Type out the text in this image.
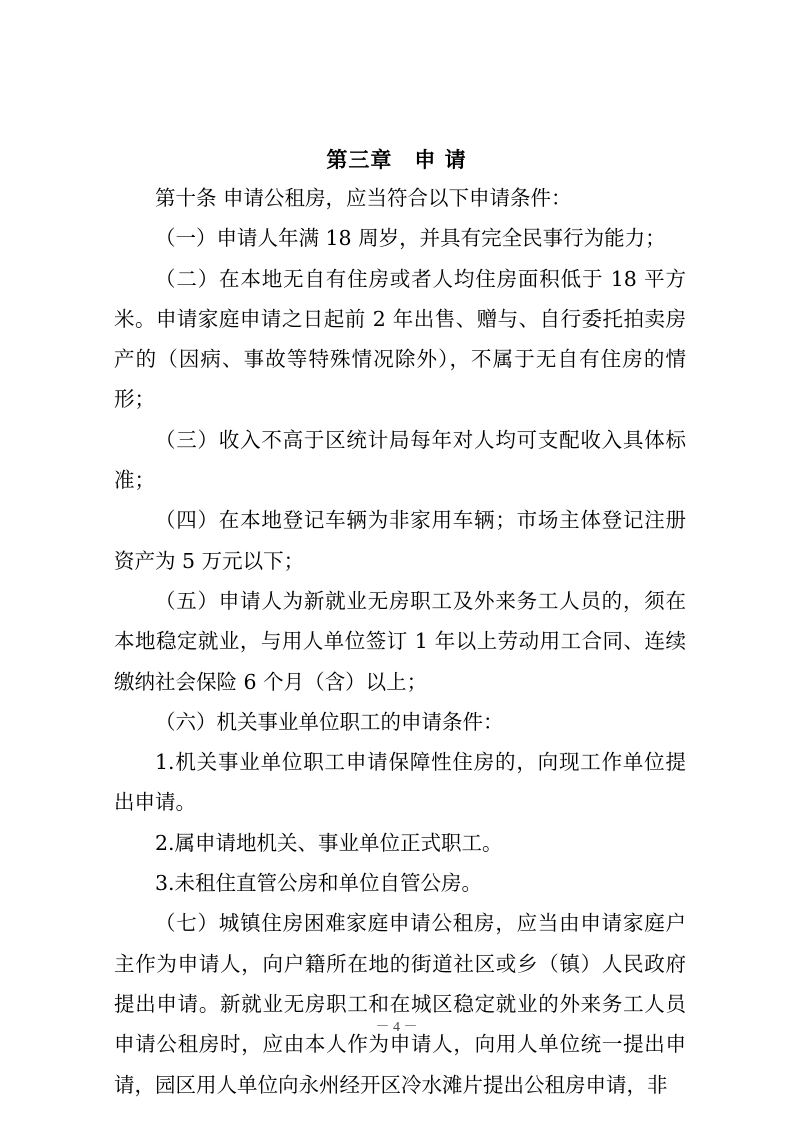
第三章　申 请

第十条 申请公租房，应当符合以下申请条件：

（一）申请人年满 18 周岁，并具有完全民事行为能力；

（二）在本地无自有住房或者人均住房面积低于 18 平方米。申请家庭申请之日起前 2 年出售、赠与、自行委托拍卖房产的（因病、事故等特殊情况除外），不属于无自有住房的情形；

（三）收入不高于区统计局每年对人均可支配收入具体标准；

（四）在本地登记车辆为非家用车辆；市场主体登记注册资产为 5 万元以下；

（五）申请人为新就业无房职工及外来务工人员的，须在本地稳定就业，与用人单位签订 1 年以上劳动用工合同、连续缴纳社会保险 6 个月（含）以上；

（六）机关事业单位职工的申请条件：

1.机关事业单位职工申请保障性住房的，向现工作单位提出申请。

2.属申请地机关、事业单位正式职工。

3.未租住直管公房和单位自管公房。

（七）城镇住房困难家庭申请公租房，应当由申请家庭户主作为申请人，向户籍所在地的街道社区或乡（镇）人民政府提出申请。新就业无房职工和在城区稳定就业的外来务工人员申请公租房时，应由本人作为申请人，向用人单位统一提出申请，园区用人单位向永州经开区冷水滩片提出公租房申请，非

－ 4 －
